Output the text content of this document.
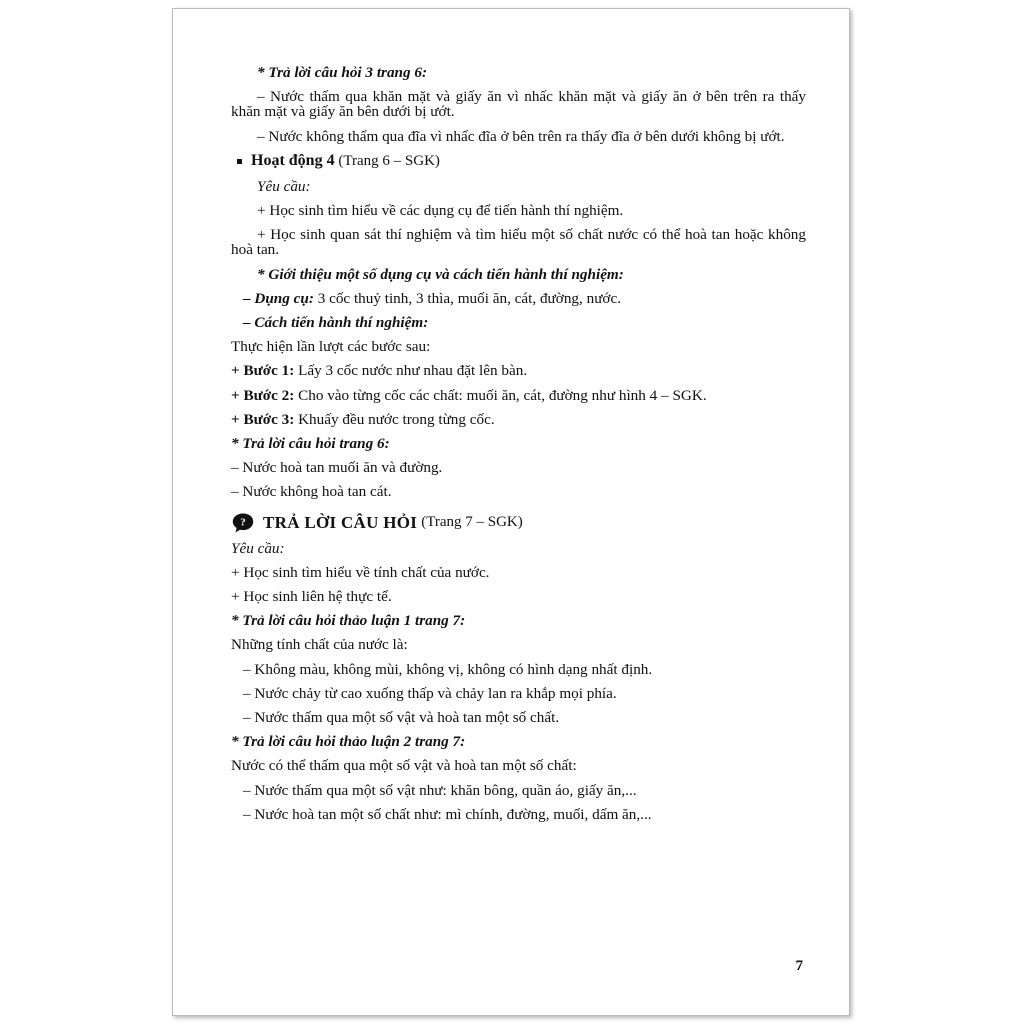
* Trả lời câu hỏi 3 trang 6:

– Nước thấm qua khăn mặt và giấy ăn vì nhấc khăn mặt và giấy ăn ở bên trên ra thấy khăn mặt và giấy ăn bên dưới bị ướt.

– Nước không thấm qua đĩa vì nhấc đĩa ở bên trên ra thấy đĩa ở bên dưới không bị ướt.

Hoạt động 4 (Trang 6 – SGK)

Yêu cầu:

+ Học sinh tìm hiểu về các dụng cụ để tiến hành thí nghiệm.

+ Học sinh quan sát thí nghiệm và tìm hiểu một số chất nước có thể hoà tan hoặc không hoà tan.

* Giới thiệu một số dụng cụ và cách tiến hành thí nghiệm:

– Dụng cụ: 3 cốc thuỷ tinh, 3 thìa, muối ăn, cát, đường, nước.

– Cách tiến hành thí nghiệm:

Thực hiện lần lượt các bước sau:

+ Bước 1: Lấy 3 cốc nước như nhau đặt lên bàn.

+ Bước 2: Cho vào từng cốc các chất: muối ăn, cát, đường như hình 4 – SGK.

+ Bước 3: Khuấy đều nước trong từng cốc.

* Trả lời câu hỏi trang 6:

– Nước hoà tan muối ăn và đường.

– Nước không hoà tan cát.

? TRẢ LỜI CÂU HỎI (Trang 7 – SGK)

Yêu cầu:

+ Học sinh tìm hiểu về tính chất của nước.

+ Học sinh liên hệ thực tế.

* Trả lời câu hỏi thảo luận 1 trang 7:

Những tính chất của nước là:

– Không màu, không mùi, không vị, không có hình dạng nhất định.

– Nước chảy từ cao xuống thấp và chảy lan ra khắp mọi phía.

– Nước thấm qua một số vật và hoà tan một số chất.

* Trả lời câu hỏi thảo luận 2 trang 7:

Nước có thể thấm qua một số vật và hoà tan một số chất:

– Nước thấm qua một số vật như: khăn bông, quần áo, giấy ăn,...

– Nước hoà tan một số chất như: mì chính, đường, muối, dấm ăn,...

7
